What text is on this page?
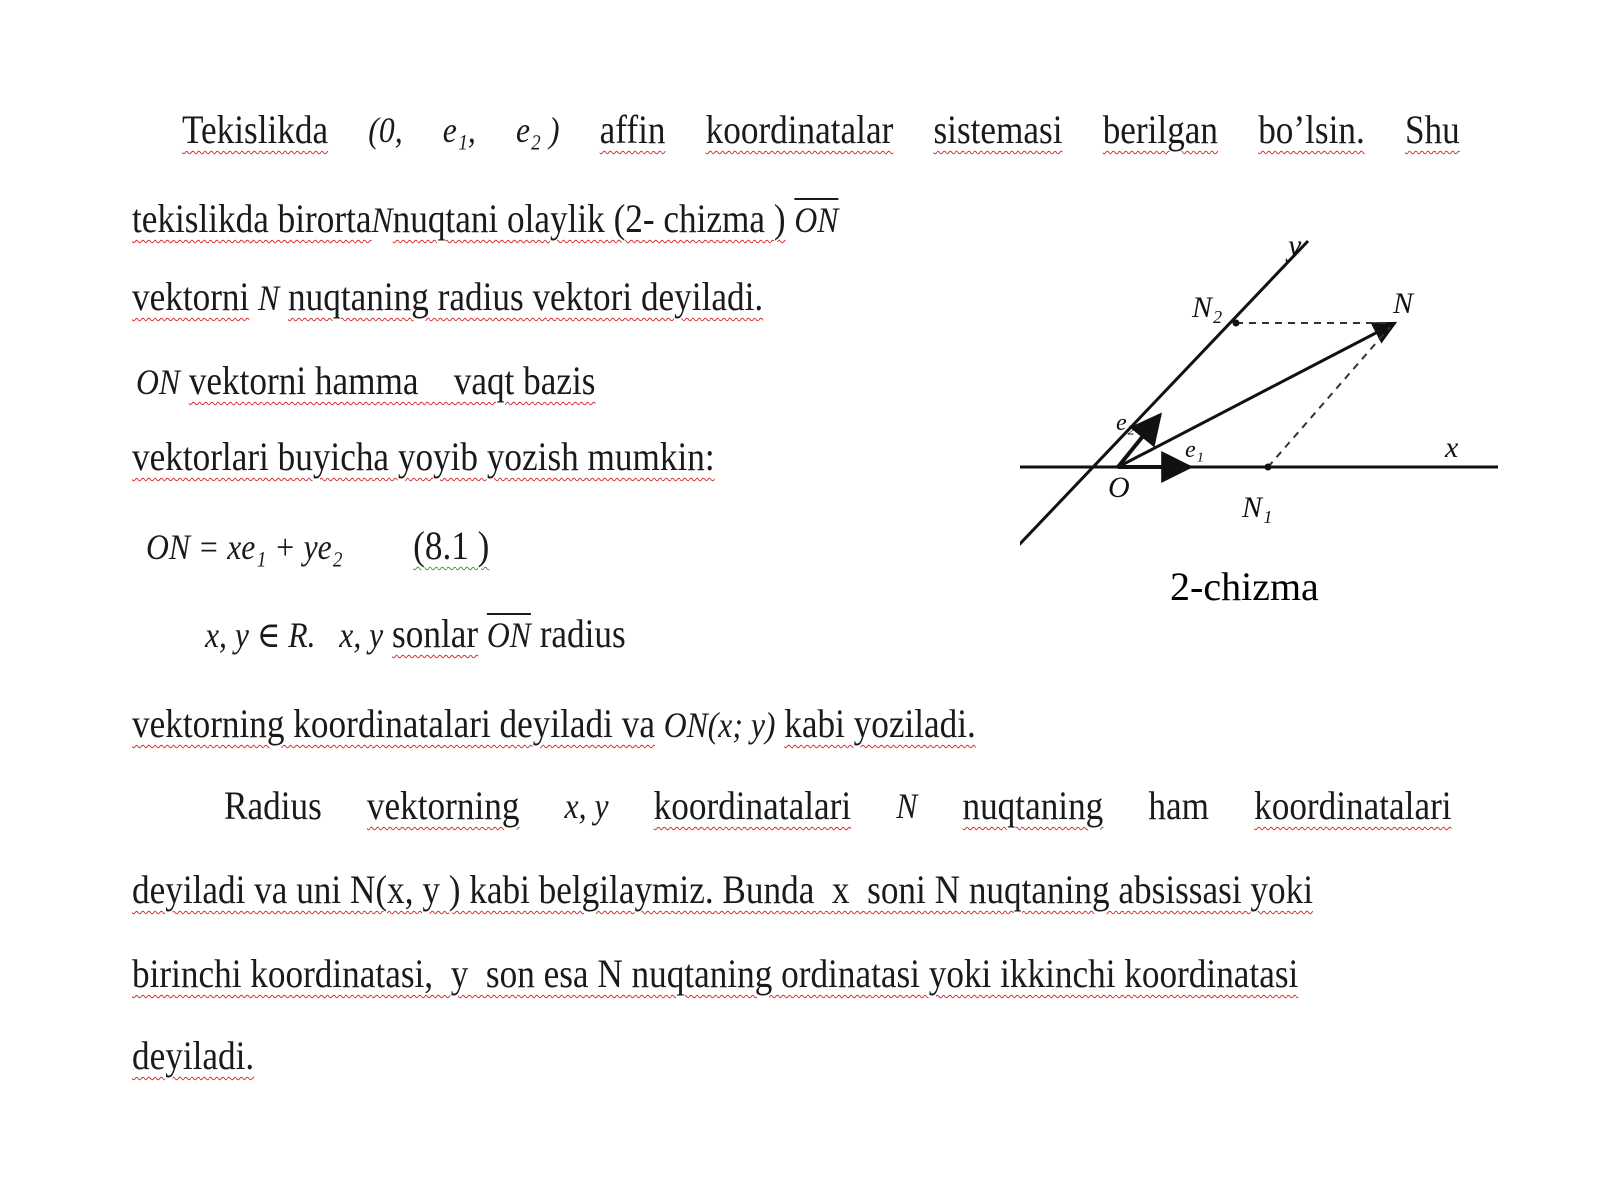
Tekislikda (0, e₁, e₂ ) affin koordinatalar sistemasi berilgan bo’lsin. Shu
tekislikda birortaNnuqtani olaylik (2- chizma ) $\overline{ON}$
vektorni N nuqtaning radius vektori deyiladi.
ON vektorni hamma    vaqt bazis
vektorlari buyicha yoyib yozish mumkin:
ON = xe₁ + ye₂ (8.1 )
x, y ∈ R.   x, y sonlar $\overline{ON}$ radius
vektorning koordinatalari deyiladi va ON(x; y) kabi yoziladi.
Radius vektorning x, y koordinatalari N nuqtaning ham koordinatalari
deyiladi va uni N(x, y ) kabi belgilaymiz. Bunda  x  soni N nuqtaning absissasi yoki
birinchi koordinatasi,  y  son esa N nuqtaning ordinatasi yoki ikkinchi koordinatasi
deyiladi.
y
x
O
N
N₁
N₂
e₁
e₂
2-chizma
